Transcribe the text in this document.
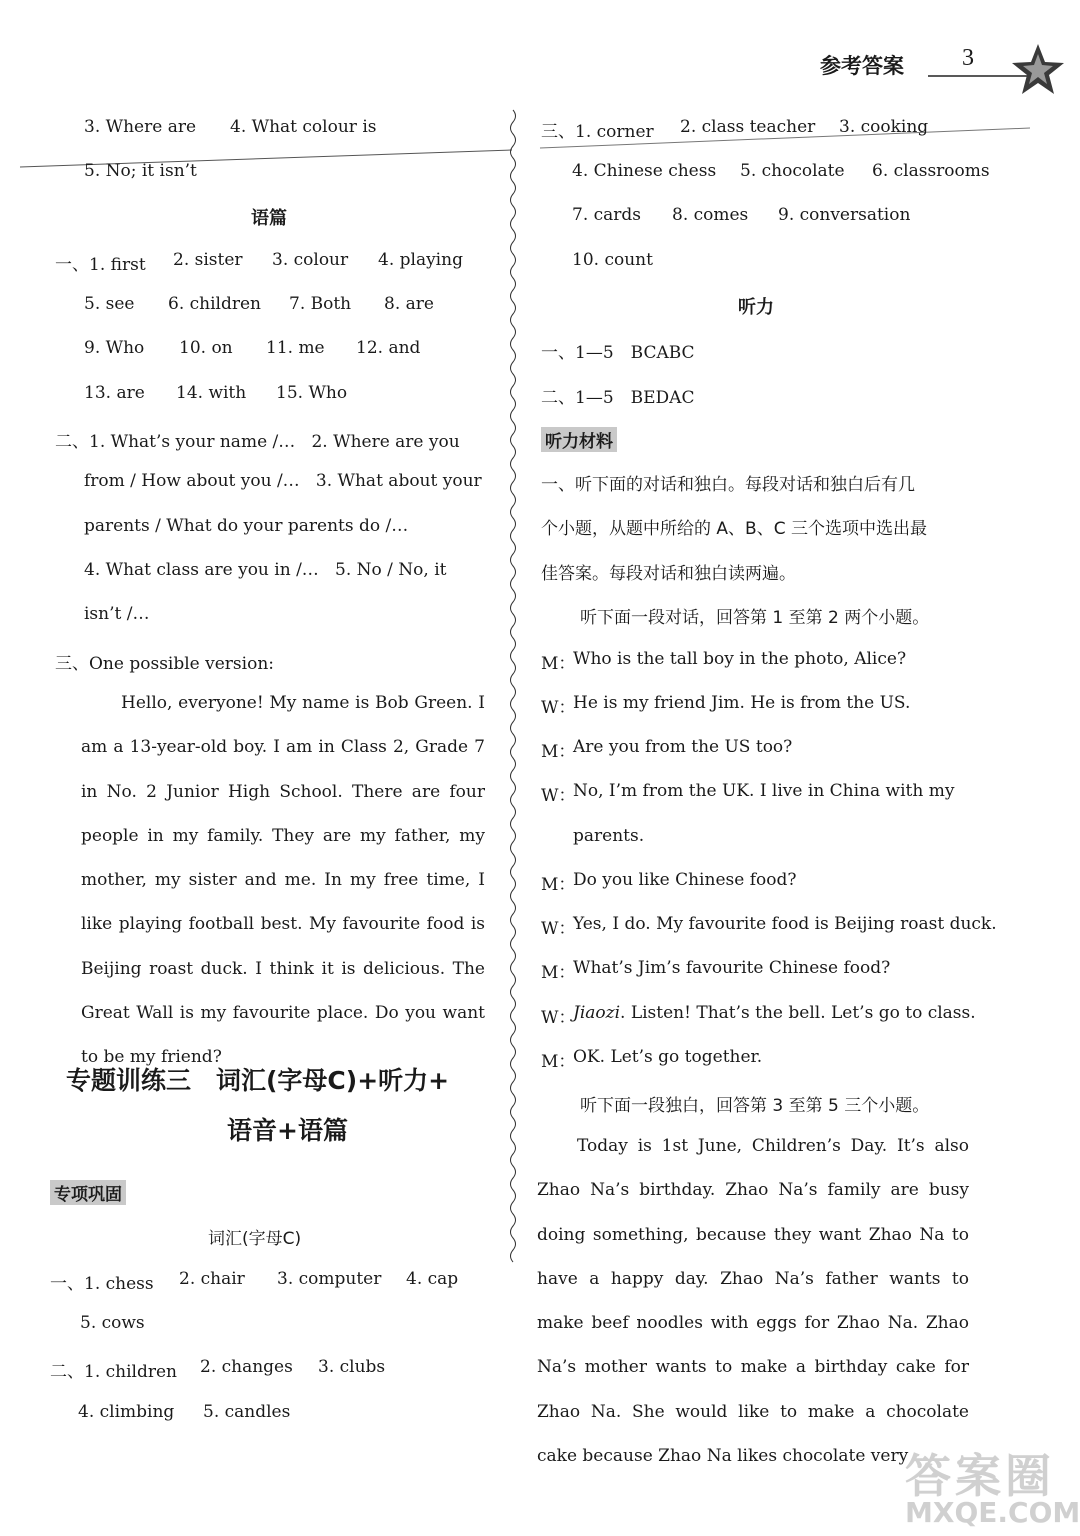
参考答案 3
3. Where are 4. What colour is
5. No; it isn’t
语篇
一、1. first 2. sister 3. colour 4. playing
5. see 6. children 7. Both 8. are
9. Who 10. on 11. me 12. and
13. are 14. with 15. Who
二、1. What’s your name /…   2. Where are you
from / How about you /…   3. What about your
parents / What do your parents do /…
4. What class are you in /…   5. No / No, it
isn’t /…
三、One possible version:
Hello, everyone! My name is Bob Green. I am a 13-year-old boy. I am in Class 2, Grade 7 in No. 2 Junior High School. There are four people in my family. They are my father, my mother, my sister and me. In my free time, I like playing football best. My favourite food is Beijing roast duck. I think it is delicious. The Great Wall is my favourite place. Do you want to be my friend?
专题训练三　词汇(字母C)+听力+
语音+语篇
专项巩固
词汇(字母C)
一、1. chess 2. chair 3. computer 4. cap
5. cows
二、1. children 2. changes 3. clubs
4. climbing 5. candles
三、1. corner 2. class teacher 3. cooking
4. Chinese chess 5. chocolate 6. classrooms
7. cards 8. comes 9. conversation
10. count
听力
一、1—5　BCABC
二、1—5　BEDAC
听力材料
一、听下面的对话和独白。每段对话和独白后有几
个小题，从题中所给的 A、B、C 三个选项中选出最
佳答案。每段对话和独白读两遍。
听下面一段对话，回答第 1 至第 2 两个小题。
M：
Who is the tall boy in the photo, Alice?
W：
He is my friend Jim. He is from the US.
M：
Are you from the US too?
W：
No, I’m from the UK. I live in China with my
parents.
M：
Do you like Chinese food?
W：
Yes, I do. My favourite food is Beijing roast duck.
M：
What’s Jim’s favourite Chinese food?
W：
Jiaozi. Listen! That’s the bell. Let’s go to class.
M：
OK. Let’s go together.
听下面一段独白，回答第 3 至第 5 三个小题。
Today is 1st June, Children’s Day. It’s also Zhao Na’s birthday. Zhao Na’s family are busy doing something, because they want Zhao Na to have a happy day. Zhao Na’s father wants to make beef noodles with eggs for Zhao Na. Zhao Na’s mother wants to make a birthday cake for Zhao Na. She would like to make a chocolate cake because Zhao Na likes chocolate very
答案圈
MXQE.COM
